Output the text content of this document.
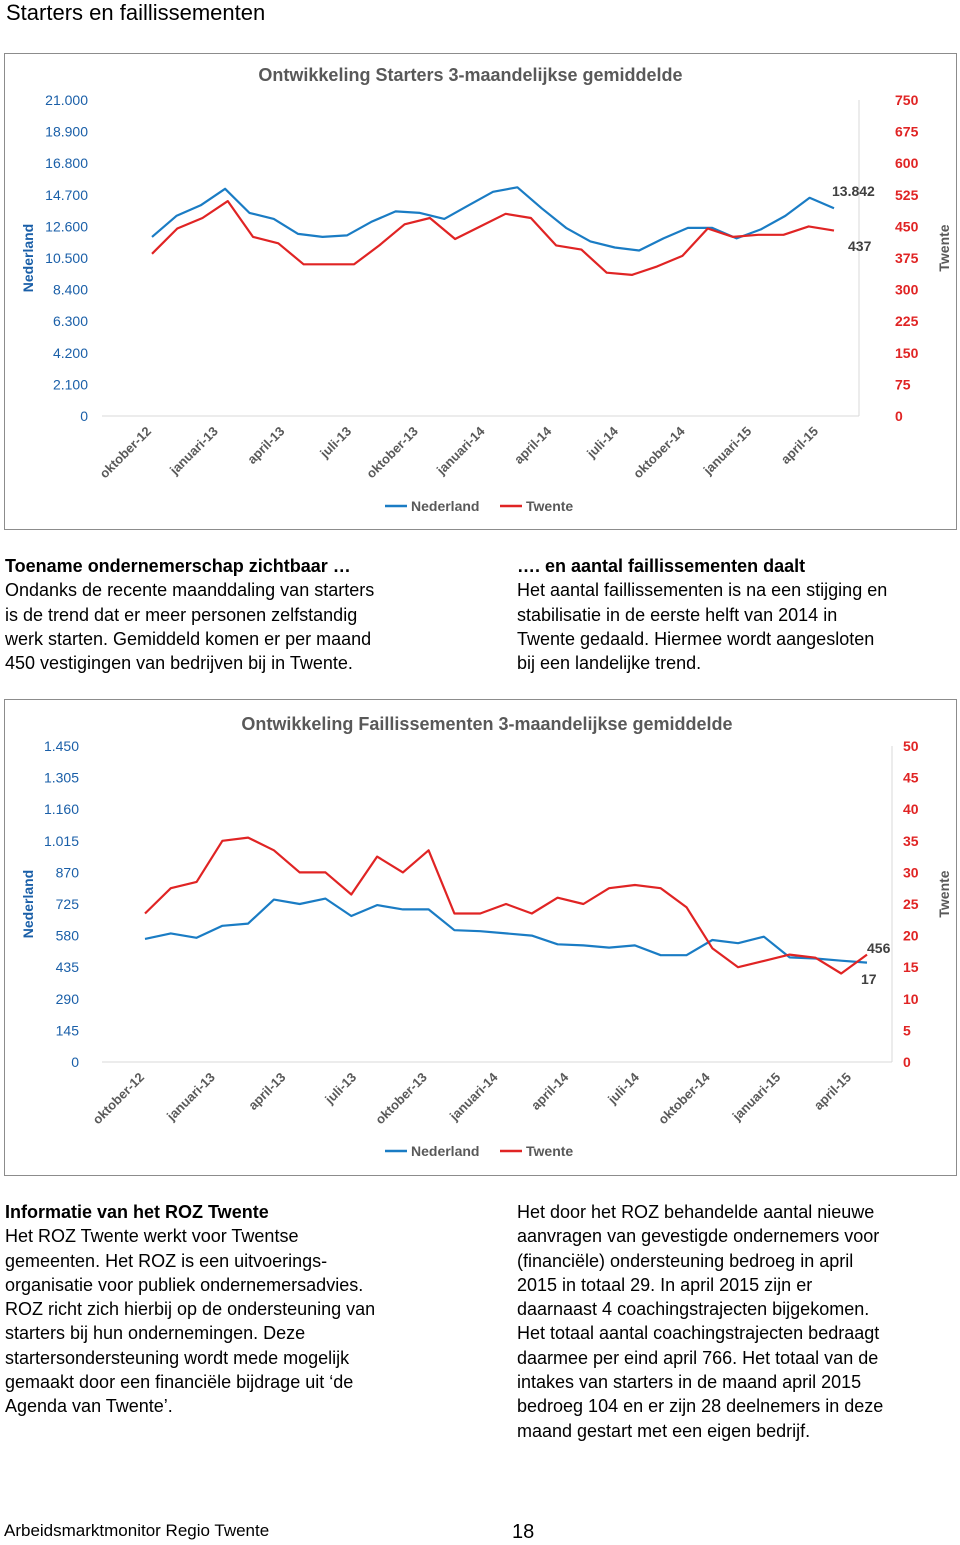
Starters en faillissementen
Ontwikkeling Starters 3-maandelijkse gemiddelde
0
2.100
4.200
6.300
8.400
10.500
12.600
14.700
16.800
18.900
21.000
0
75
150
225
300
375
450
525
600
675
750
Nederland	Twente
oktober-12 januari-13 april-13 juli-13 oktober-13 januari-14 april-14 juli-14 oktober-14 januari-15 april-15
13.842
437
Nederland	Twente
Toename ondernemerschap zichtbaar …
Ondanks de recente maanddaling van starters
is de trend dat er meer personen zelfstandig
werk starten. Gemiddeld komen er per maand
450 vestigingen van bedrijven bij in Twente.
…. en aantal faillissementen daalt
Het aantal faillissementen is na een stijging en
stabilisatie in de eerste helft van 2014 in
Twente gedaald. Hiermee wordt aangesloten
bij een landelijke trend.
Ontwikkeling Faillissementen 3-maandelijkse gemiddelde
0
145
290
435
580
725
870
1.015
1.160
1.305
1.450
0
5
10
15
20
25
30
35
40
45
50
Nederland	Twente
oktober-12 januari-13 april-13	juli-13 oktober-13 januari-14 april-14	juli-14 oktober-14 januari-15 april-15
17
456
Nederland	Twente
Informatie van het ROZ Twente
Het ROZ Twente werkt voor Twentse
gemeenten. Het ROZ is een uitvoerings-
organisatie voor publiek ondernemersadvies.
ROZ richt zich hierbij op de ondersteuning van
starters bij hun ondernemingen. Deze
startersondersteuning wordt mede mogelijk
gemaakt door een financiële bijdrage uit ‘de
Agenda van Twente’.
Het door het ROZ behandelde aantal nieuwe
aanvragen van gevestigde ondernemers voor
(financiële) ondersteuning bedroeg in april
2015 in totaal 29. In april 2015 zijn er
daarnaast 4 coachingstrajecten bijgekomen.
Het totaal aantal coachingstrajecten bedraagt
daarmee per eind april 766. Het totaal van de
intakes van starters in de maand april 2015
bedroeg 104 en er zijn 28 deelnemers in deze
maand gestart met een eigen bedrijf.
Arbeidsmarktmonitor Regio Twente	18
